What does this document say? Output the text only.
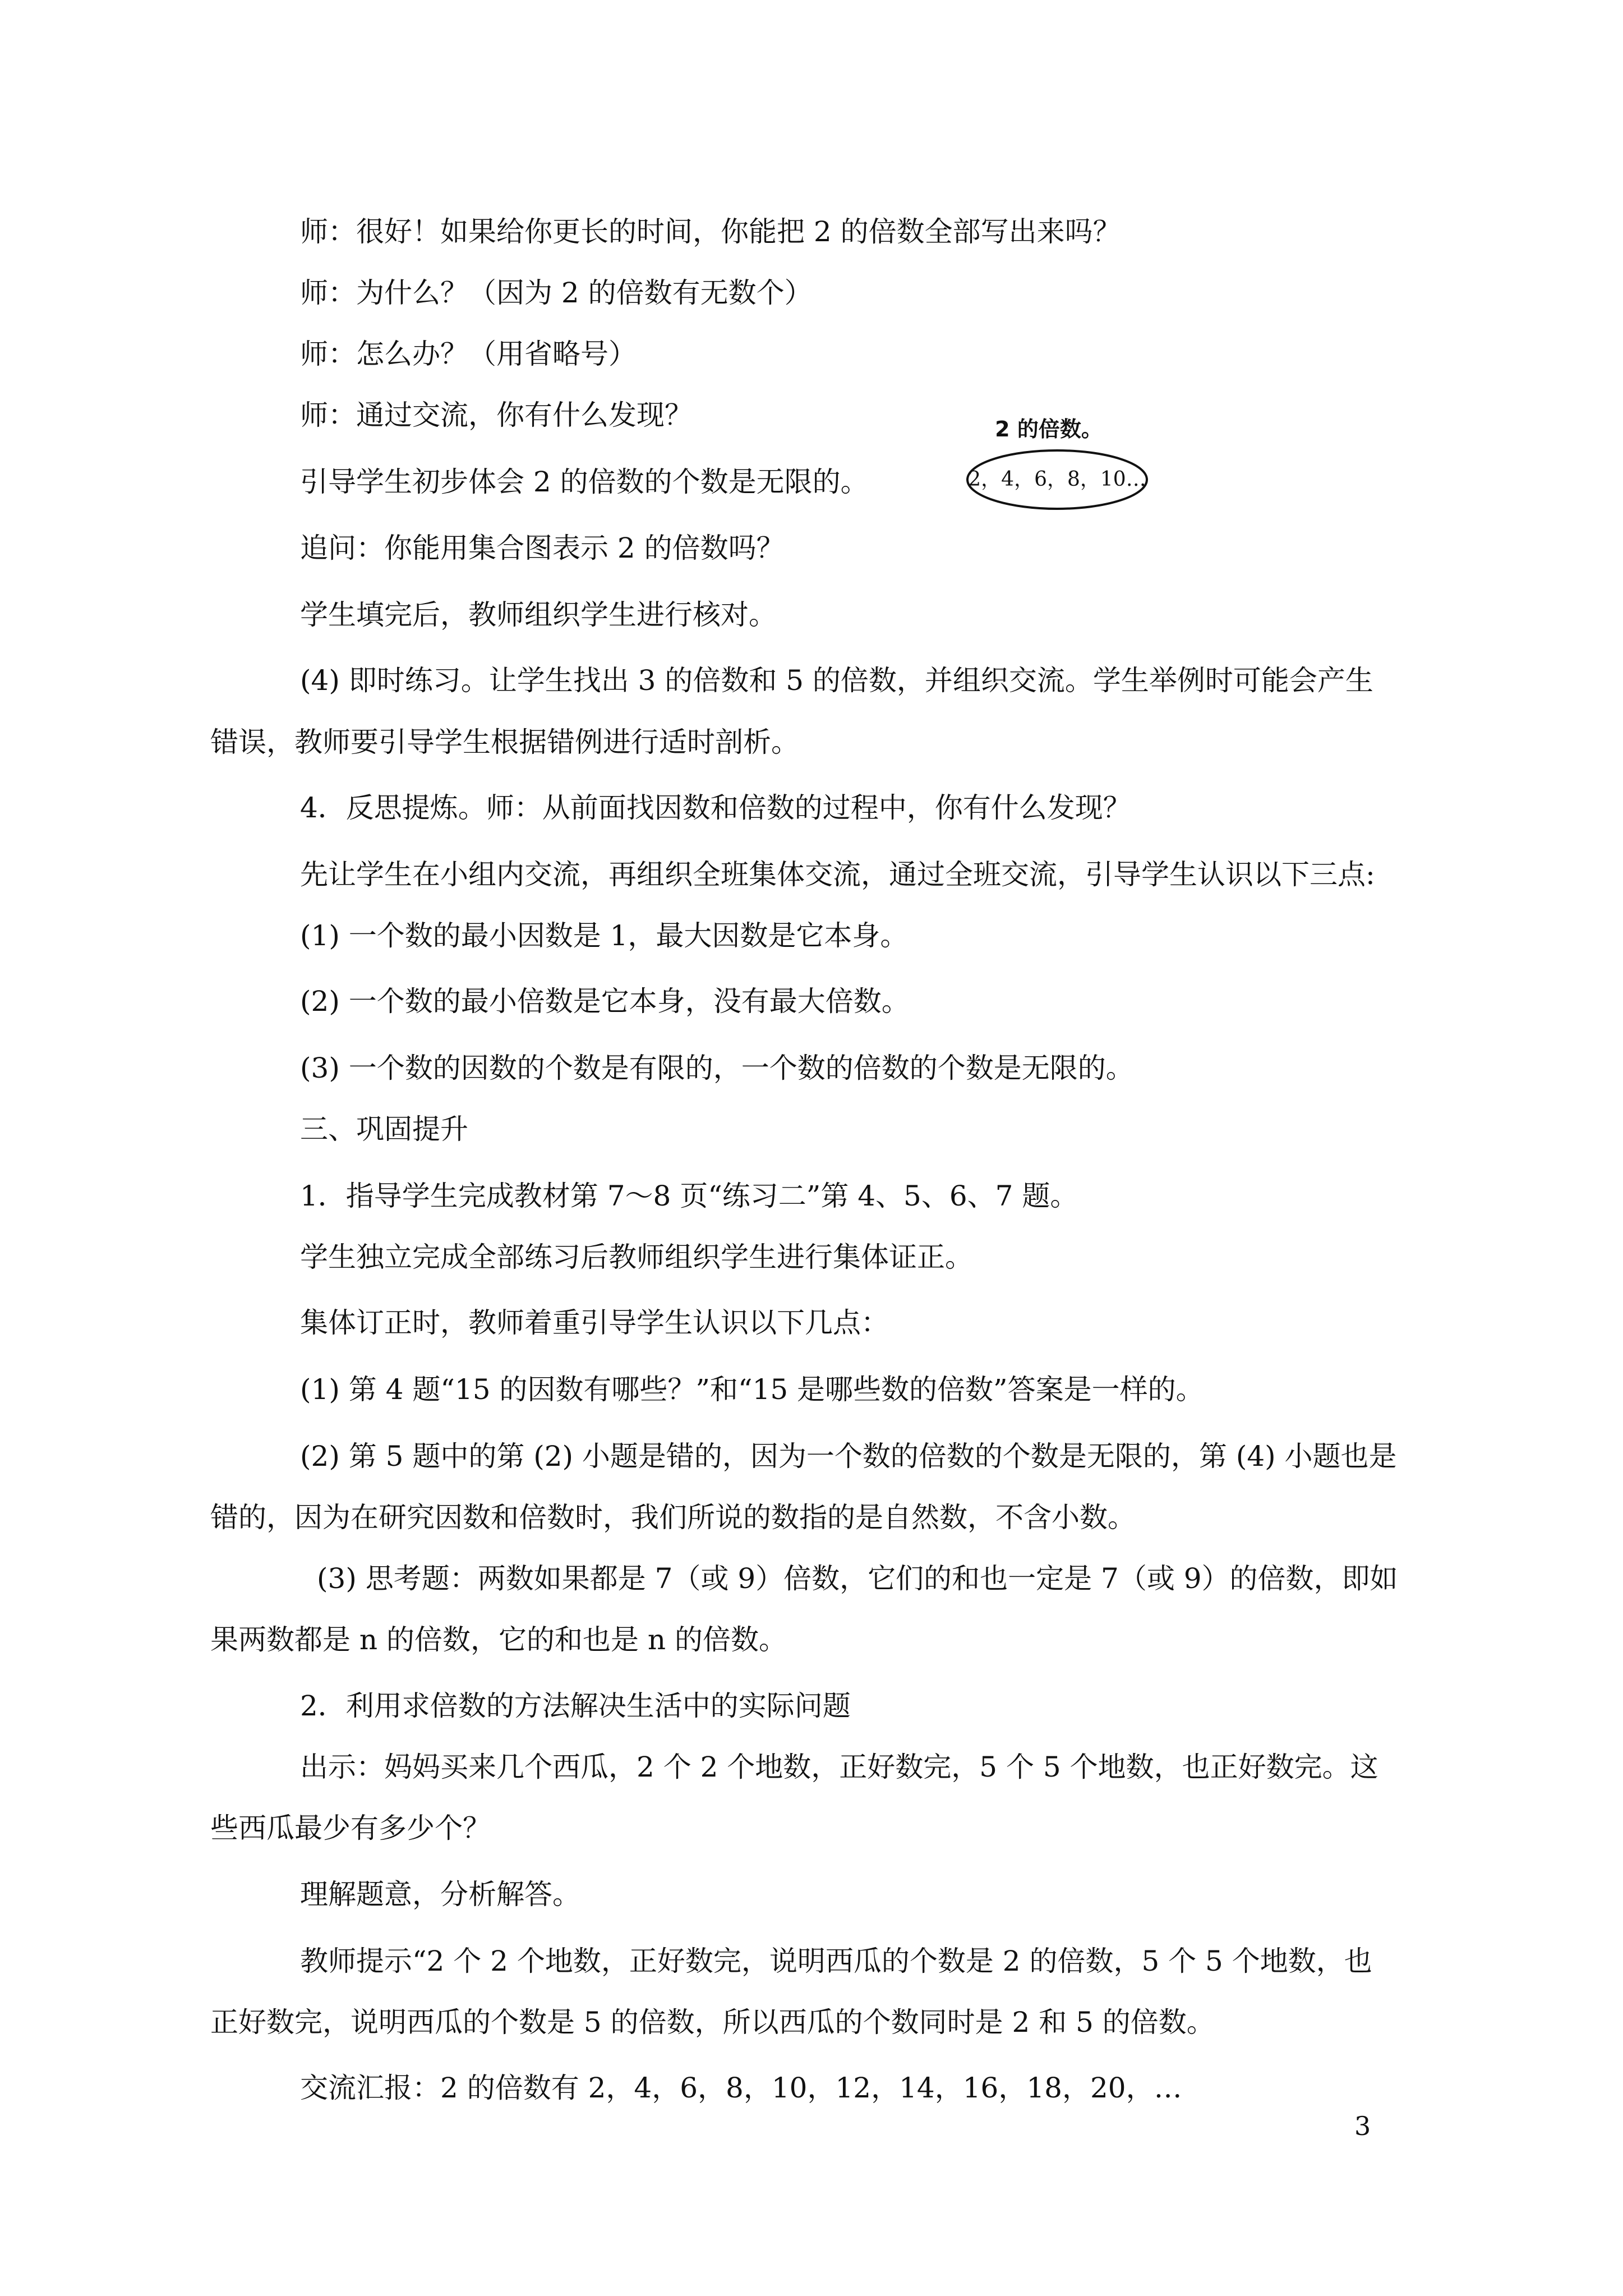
师：很好！如果给你更长的时间，你能把 2 的倍数全部写出来吗？
师：为什么？（因为 2 的倍数有无数个）
师：怎么办？（用省略号）
师：通过交流，你有什么发现？
引导学生初步体会 2 的倍数的个数是无限的。
追问：你能用集合图表示 2 的倍数吗？
学生填完后，教师组织学生进行核对。
(4) 即时练习。让学生找出 3 的倍数和 5 的倍数，并组织交流。学生举例时可能会产生
错误，教师要引导学生根据错例进行适时剖析。
4．反思提炼。师：从前面找因数和倍数的过程中，你有什么发现？
先让学生在小组内交流，再组织全班集体交流，通过全班交流，引导学生认识以下三点:
(1) 一个数的最小因数是 1，最大因数是它本身。
(2) 一个数的最小倍数是它本身，没有最大倍数。
(3) 一个数的因数的个数是有限的，一个数的倍数的个数是无限的。
三、巩固提升
1．指导学生完成教材第 7～8 页“练习二”第 4、5、6、7 题。
学生独立完成全部练习后教师组织学生进行集体证正。
集体订正时，教师着重引导学生认识以下几点：
(1) 第 4 题“15 的因数有哪些？”和“15 是哪些数的倍数”答案是一样的。
(2) 第 5 题中的第 (2) 小题是错的，因为一个数的倍数的个数是无限的，第 (4) 小题也是
错的，因为在研究因数和倍数时，我们所说的数指的是自然数，不含小数。
(3) 思考题：两数如果都是 7（或 9）倍数，它们的和也一定是 7（或 9）的倍数，即如
果两数都是 n 的倍数，它的和也是 n 的倍数。
2．利用求倍数的方法解决生活中的实际问题
出示：妈妈买来几个西瓜，2 个 2 个地数，正好数完，5 个 5 个地数，也正好数完。这
些西瓜最少有多少个？
理解题意，分析解答。
教师提示“2 个 2 个地数，正好数完，说明西瓜的个数是 2 的倍数，5 个 5 个地数，也
正好数完，说明西瓜的个数是 5 的倍数，所以西瓜的个数同时是 2 和 5 的倍数。
交流汇报：2 的倍数有 2，4，6，8，10，12，14，16，18，20，…
2 的倍数。
2，4，6，8，10…
3
